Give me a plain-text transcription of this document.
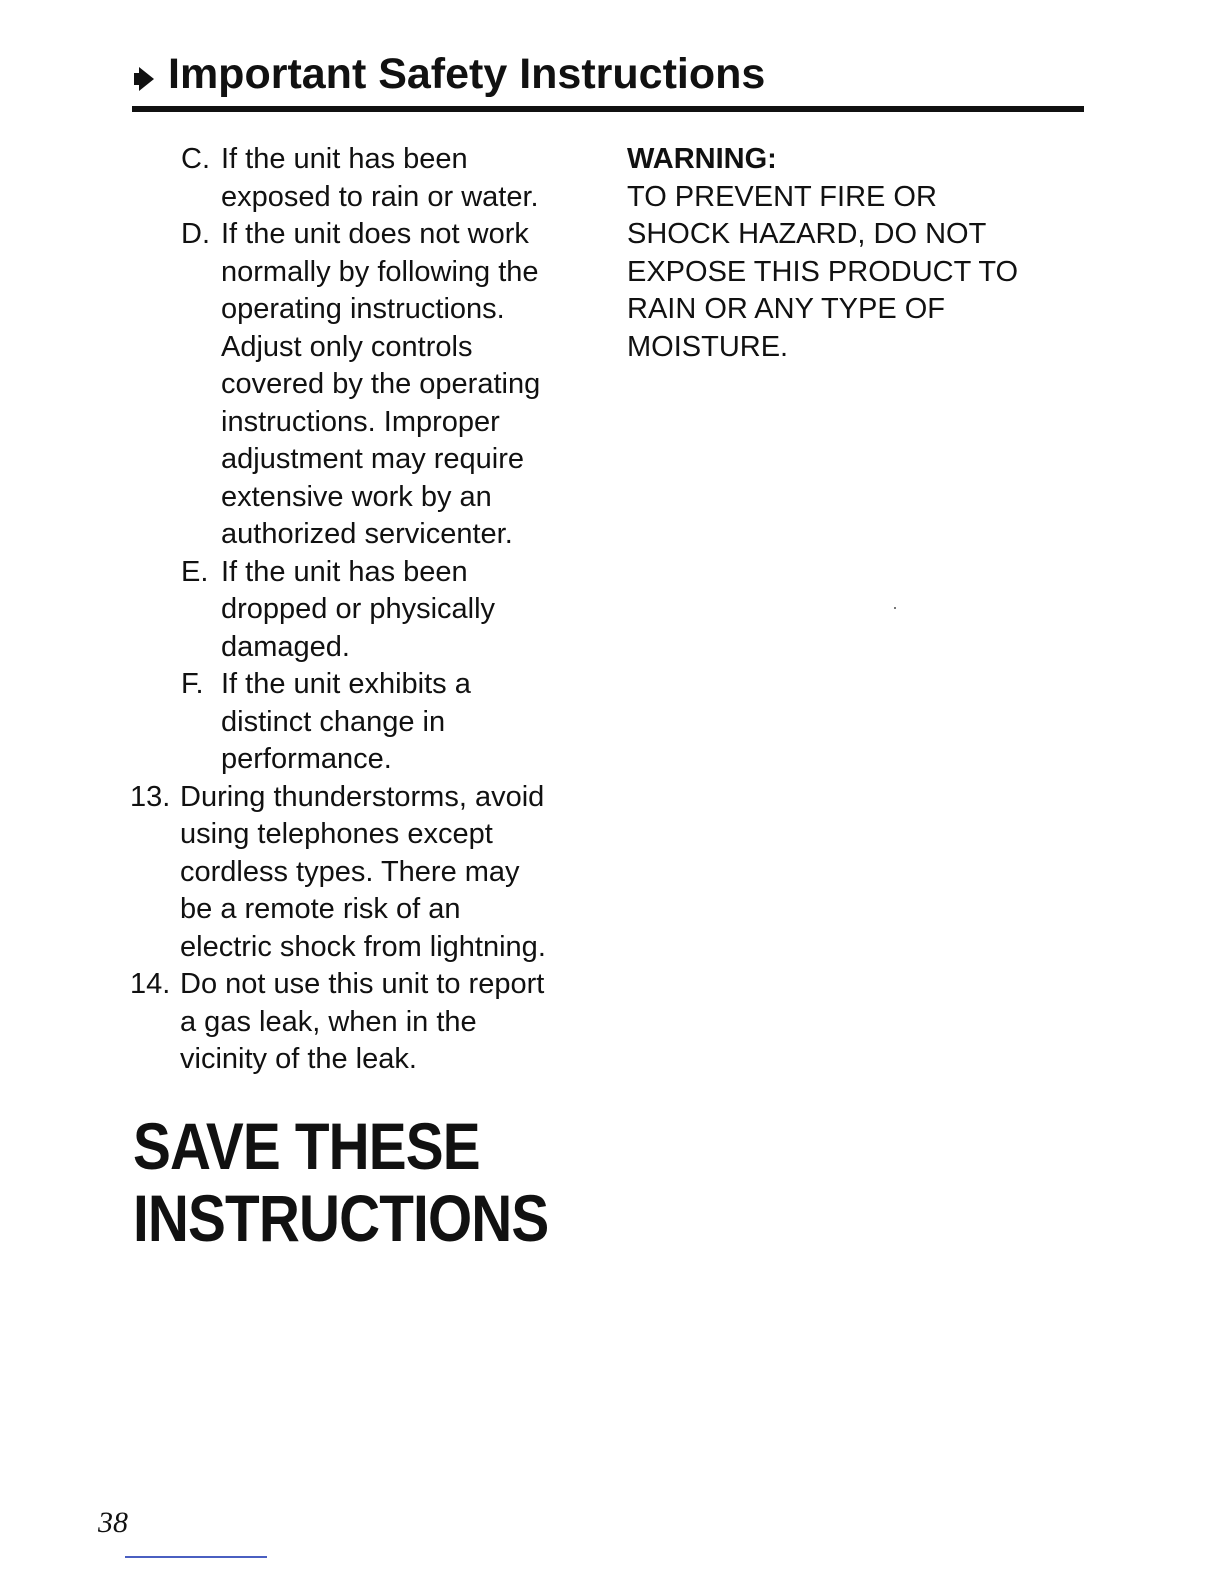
Important Safety Instructions
C. If the unit has been
exposed to rain or water.
D. If the unit does not work
normally by following the
operating instructions.
Adjust only controls
covered by the operating
instructions. Improper
adjustment may require
extensive work by an
authorized servicenter.
E. If the unit has been
dropped or physically
damaged.
F. If the unit exhibits a
distinct change in
performance.
13. During thunderstorms, avoid
using telephones except
cordless types. There may
be a remote risk of an
electric shock from lightning.
14. Do not use this unit to report
a gas leak, when in the
vicinity of the leak.
WARNING:
TO PREVENT FIRE OR
SHOCK HAZARD, DO NOT
EXPOSE THIS PRODUCT TO
RAIN OR ANY TYPE OF
MOISTURE.
SAVE THESE
INSTRUCTIONS
38
